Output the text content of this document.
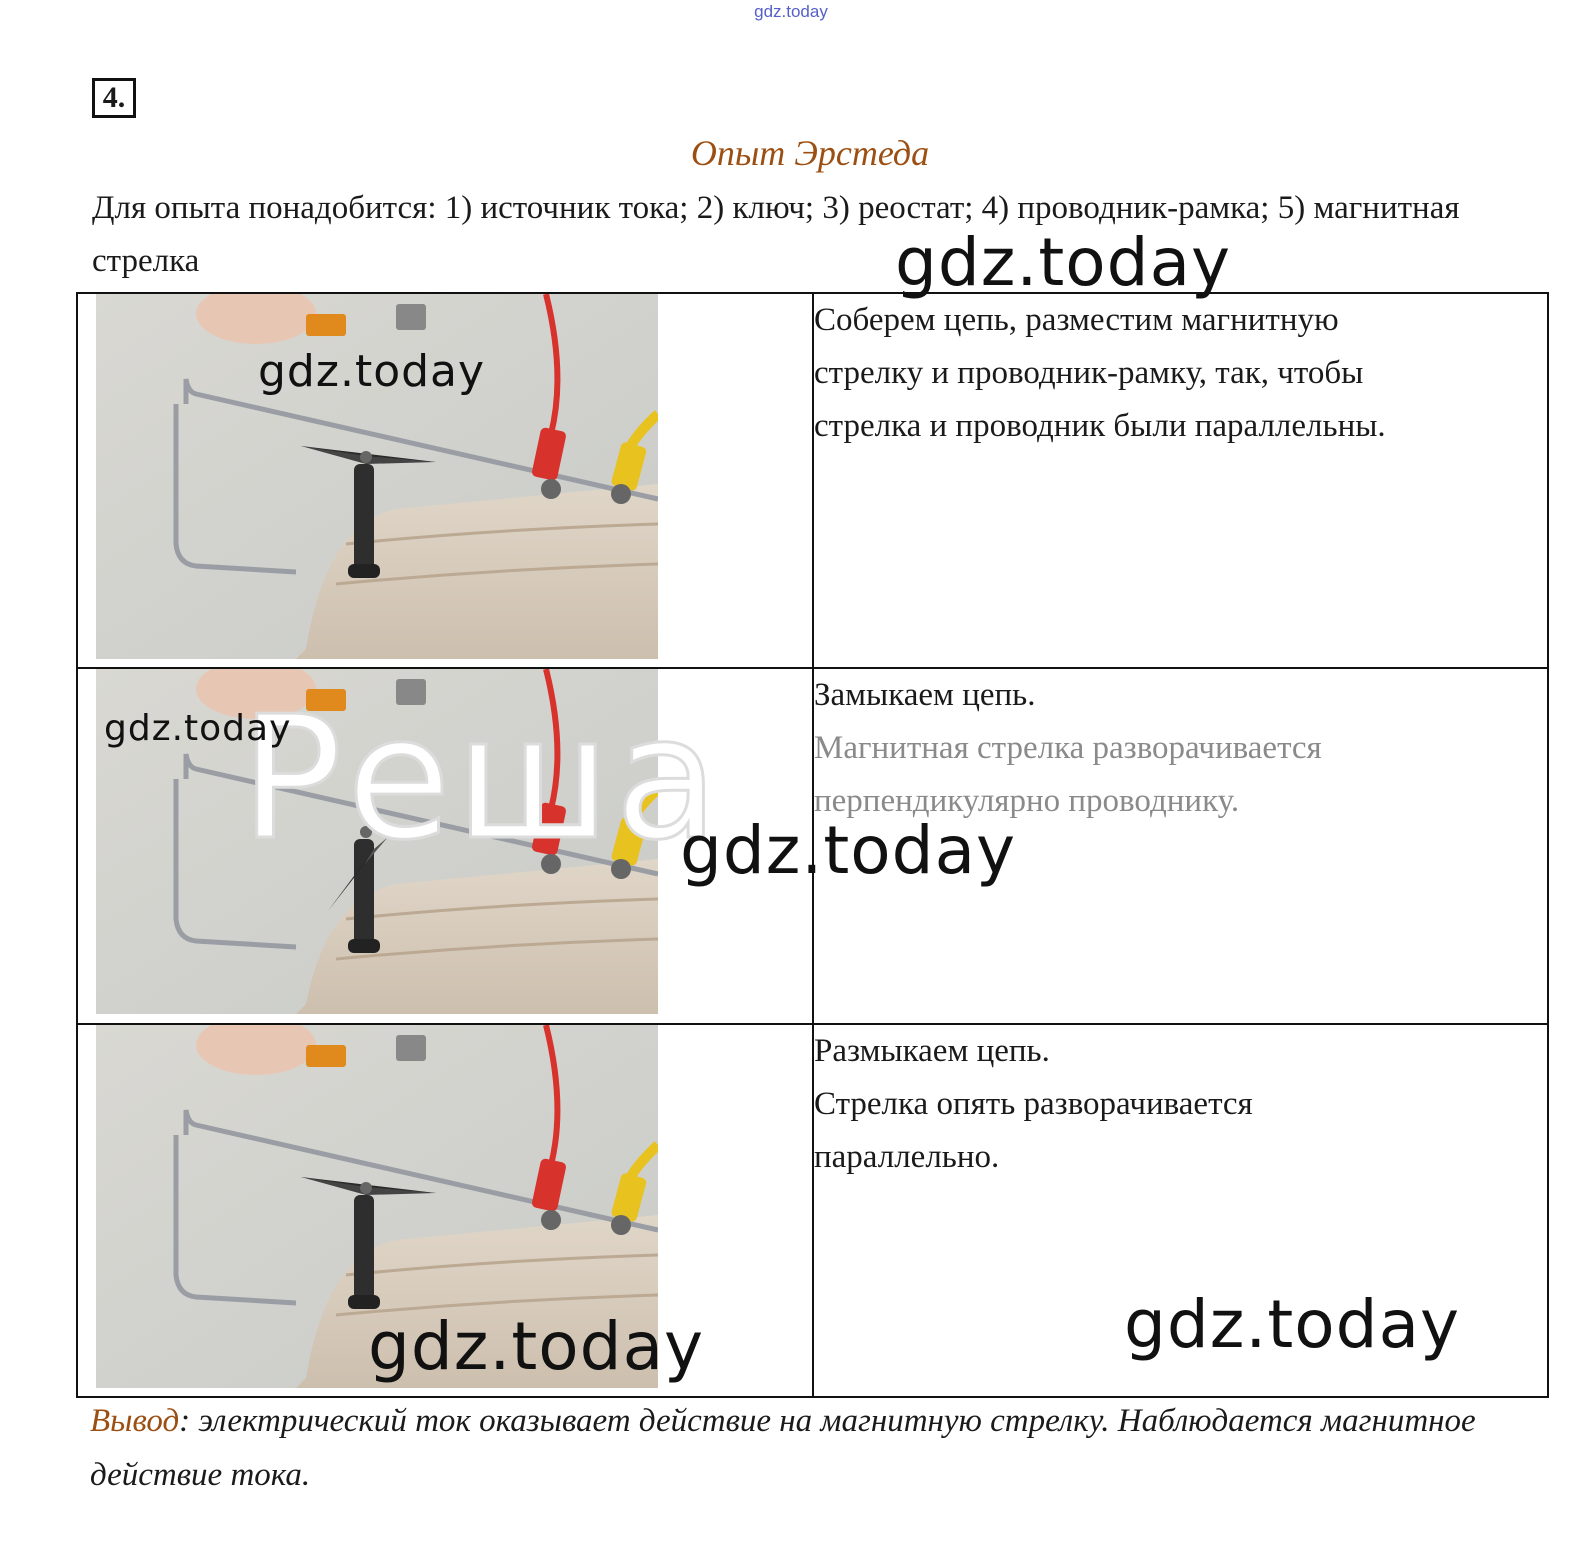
gdz.today
4.
Опыт Эрстеда
Для опыта понадобится: 1) источник тока; 2) ключ; 3) реостат; 4) проводник-рамка; 5) магнитная стрелка

Соберем цепь, разместим магнитную
стрелку и проводник-рамку, так, чтобы
стрелка и проводник были параллельны.

Замыкаем цепь.
Магнитная стрелка разворачивается
перпендикулярно проводнику.

Размыкаем цепь.
Стрелка опять разворачивается
параллельно.
Реша
gdz.today
gdz.today
gdz.today
gdz.today
gdz.today	gdz.today
Вывод: электрический ток оказывает действие на магнитную стрелку. Наблюдается магнитное действие тока.
